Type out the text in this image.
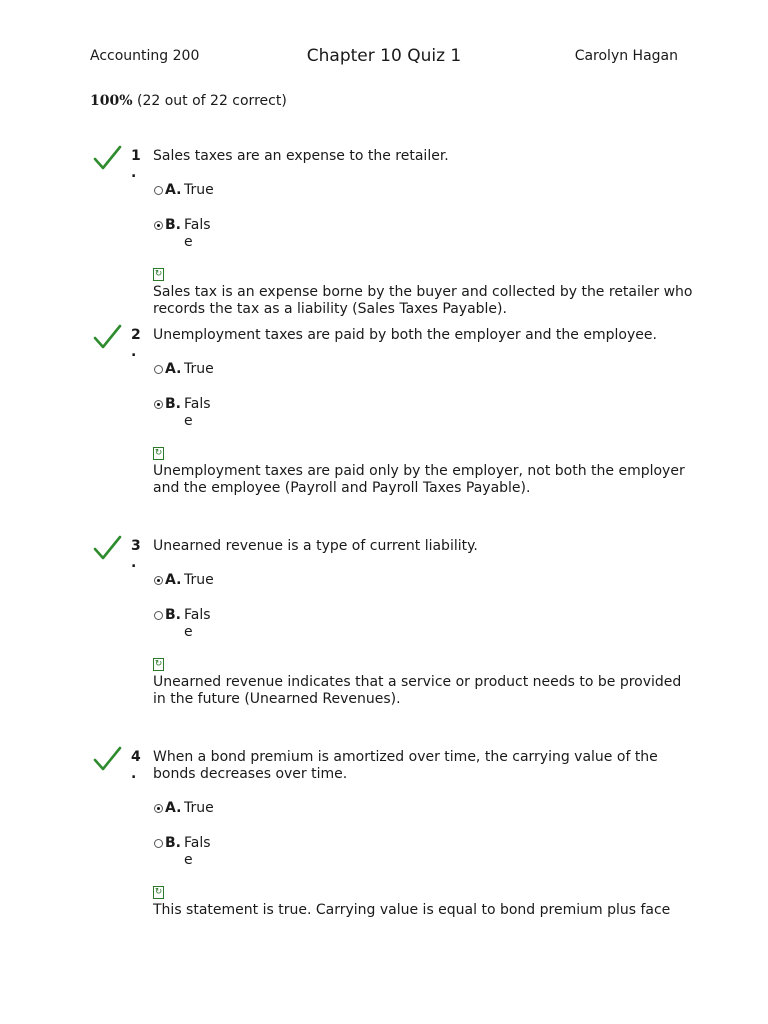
Accounting 200	Chapter 10 Quiz 1	Carolyn Hagan
100% (22 out of 22 correct)
1
.
Sales taxes are an expense to the retailer.
A. True
B. False
↻
Sales tax is an expense borne by the buyer and collected by the retailer who records the tax as a liability (Sales Taxes Payable).
2
.
Unemployment taxes are paid by both the employer and the employee.
A. True
B. False
↻
Unemployment taxes are paid only by the employer, not both the employer and the employee (Payroll and Payroll Taxes Payable).
3
.
Unearned revenue is a type of current liability.
A. True
B. False
↻
Unearned revenue indicates that a service or product needs to be provided in the future (Unearned Revenues).
4
.
When a bond premium is amortized over time, the carrying value of the bonds decreases over time.
A. True
B. False
↻
This statement is true. Carrying value is equal to bond premium plus face
